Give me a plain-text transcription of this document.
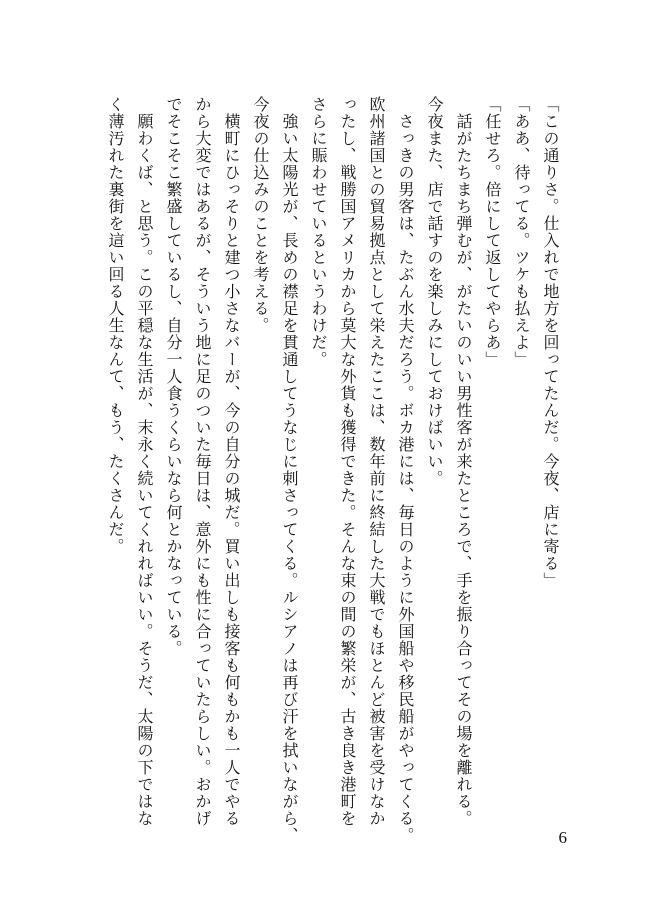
「この通りさ。仕入れで地方を回ってたんだ。今夜、店に寄る」
「ああ、待ってる。ツケも払えよ」
「任せろ。倍にして返してやらあ」
　話がたちまち弾むが、がたいのいい男性客が来たところで、手を振り合ってその場を離れる。
今夜また、店で話すのを楽しみにしておけばいい。
　さっきの男客は、たぶん水夫だろう。ボカ港には、毎日のように外国船や移民船がやってくる。
欧州諸国との貿易拠点として栄えたここは、数年前に終結した大戦でもほとんど被害を受けなか
ったし、戦勝国アメリカから莫大な外貨も獲得できた。そんな束の間の繁栄が、古き良き港町を
さらに賑わせているというわけだ。
　強い太陽光が、長めの襟足を貫通してうなじに刺さってくる。ルシアノは再び汗を拭いながら、
今夜の仕込みのことを考える。
　横町にひっそりと建つ小さなバーが、今の自分の城だ。買い出しも接客も何もかも一人でやる
から大変ではあるが、そういう地に足のついた毎日は、意外にも性に合っていたらしい。おかげ
でそこそこ繁盛しているし、自分一人食うくらいなら何とかなっている。
　願わくば、と思う。この平穏な生活が、末永く続いてくれればいい。そうだ、太陽の下ではな
く薄汚れた裏街を這い回る人生なんて、もう、たくさんだ。
6
